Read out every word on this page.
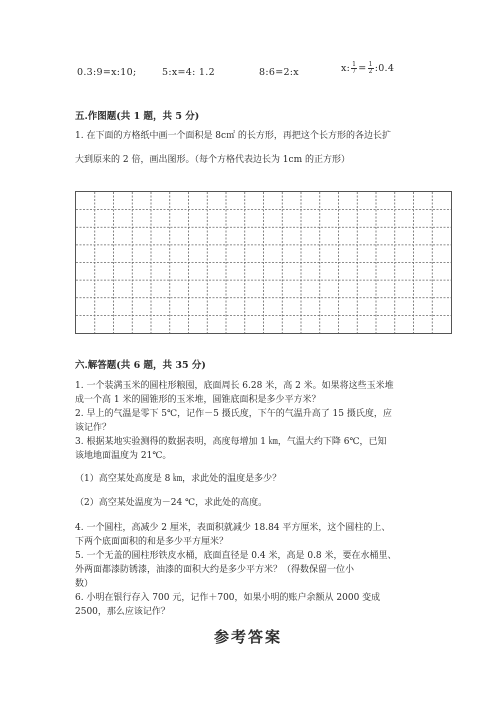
0.3:9=x:10;	5:x=4: 1.2	8:6=2:x	x: $\frac{1}{7} = \frac{1}{2}$ :0.4
五.作图题(共 1 题，共 5 分)
1. 在下面的方格纸中画一个面积是 8c㎡ 的长方形，再把这个长方形的各边长扩
大到原来的 2 倍，画出图形。（每个方格代表边长为 1cm 的正方形）
六.解答题(共 6 题，共 35 分)
1. 一个装满玉米的圆柱形粮囤，底面周长 6.28 米，高 2 米。如果将这些玉米堆
成一个高 1 米的圆锥形的玉米堆，圆锥底面积是多少平方米？
2. 早上的气温是零下 5℃，记作－5 摄氏度，下午的气温升高了 15 摄氏度，应
该记作？
3. 根据某地实验测得的数据表明，高度每增加 1 ㎞，气温大约下降 6℃，已知
该地地面温度为 21℃。
（1）高空某处高度是 8 ㎞，求此处的温度是多少？
（2）高空某处温度为－24 ℃，求此处的高度。
4. 一个圆柱，高减少 2 厘米，表面积就减少 18.84 平方厘米，这个圆柱的上、
下两个底面面积的和是多少平方厘米？
5. 一个无盖的圆柱形铁皮水桶，底面直径是 0.4 米，高是 0.8 米，要在水桶里、
外两面都漆防锈漆，油漆的面积大约是多少平方米？（得数保留一位小
数）
6. 小明在银行存入 700 元，记作＋700，如果小明的账户余额从 2000 变成
2500，那么应该记作？
参考答案
